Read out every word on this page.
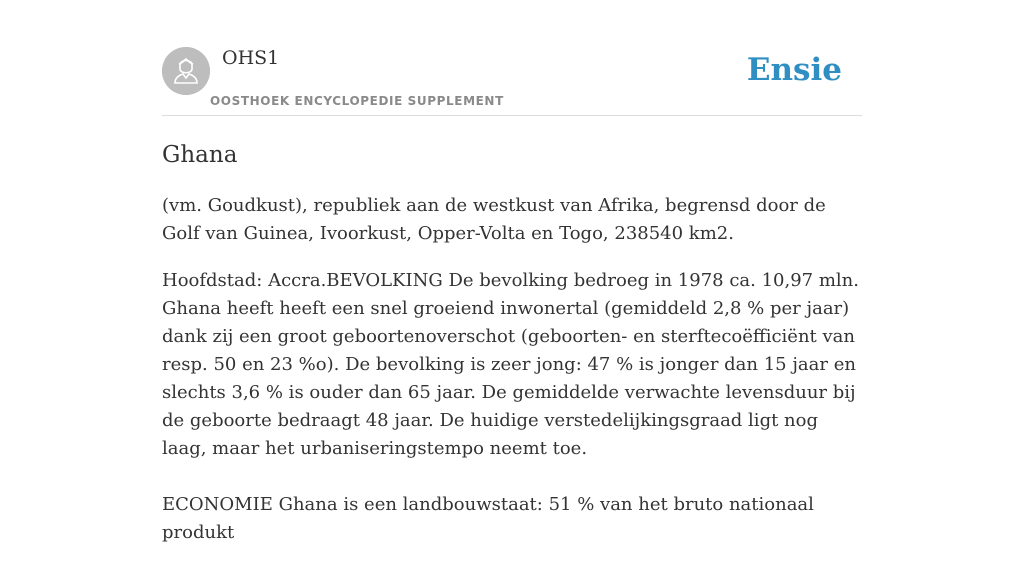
OHS1
OOSTHOEK ENCYCLOPEDIE SUPPLEMENT
Ensie
Ghana

(vm. Goudkust), republiek aan de westkust van Afrika, begrensd door de Golf van Guinea, Ivoorkust, Opper-Volta en Togo, 238540 km2.

Hoofdstad: Accra.BEVOLKING De bevolking bedroeg in 1978 ca. 10,97 mln. Ghana heeft heeft een snel groeiend inwonertal (gemiddeld 2,8 % per jaar) dank zij een groot geboortenoverschot (geboorten- en sterftecoëfficiënt van resp. 50 en 23 %o). De bevolking is zeer jong: 47 % is jonger dan 15 jaar en slechts 3,6 % is ouder dan 65 jaar. De gemiddelde verwachte levensduur bij de geboorte bedraagt 48 jaar. De huidige verstedelijkingsgraad ligt nog laag, maar het urbaniseringstempo neemt toe.

ECONOMIE Ghana is een landbouwstaat: 51 % van het bruto nationaal produkt
